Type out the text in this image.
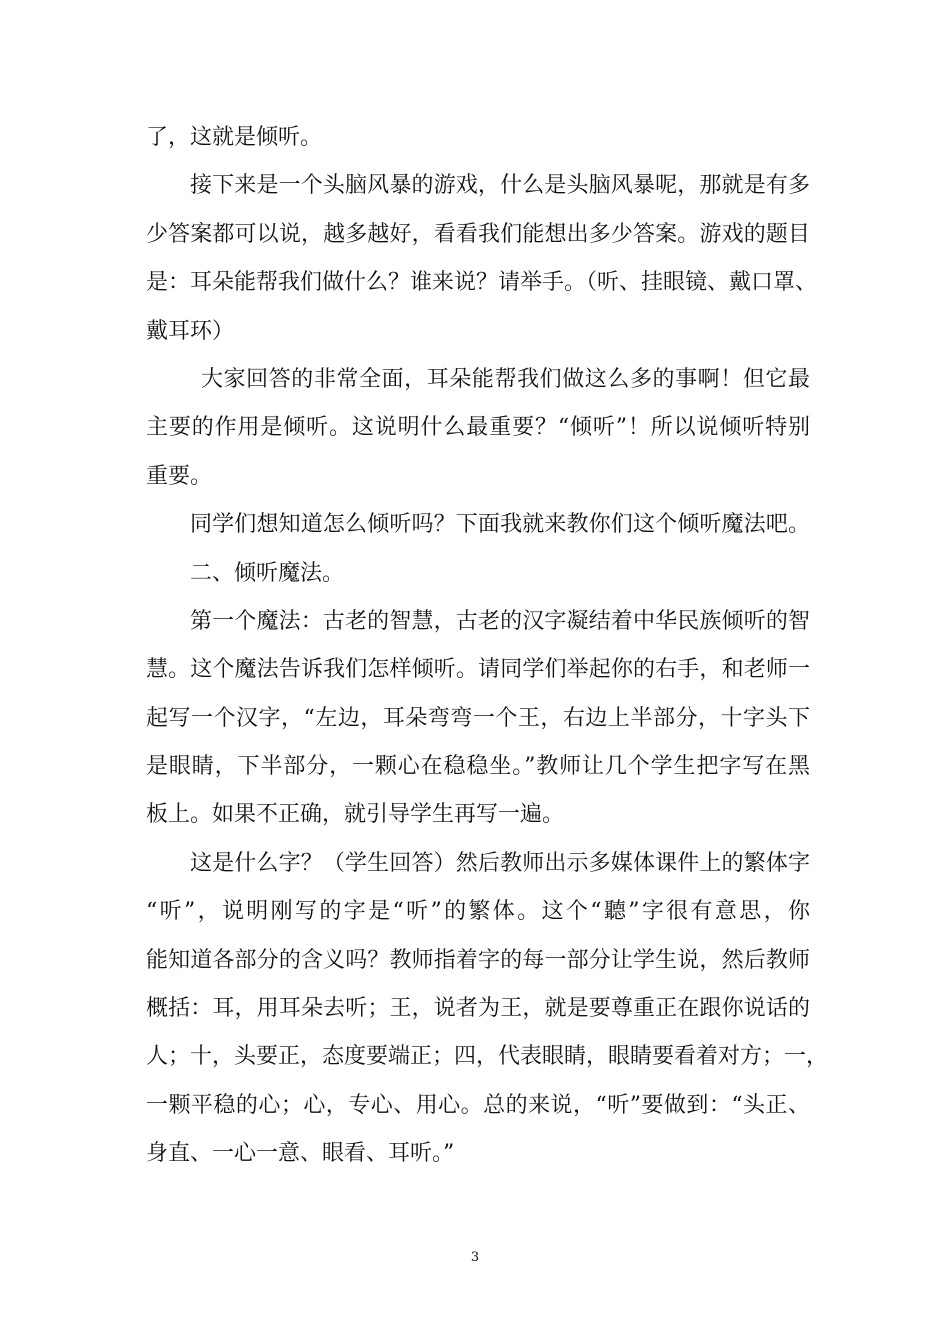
了，这就是倾听。
接下来是一个头脑风暴的游戏，什么是头脑风暴呢，那就是有多
少答案都可以说，越多越好，看看我们能想出多少答案。游戏的题目
是：耳朵能帮我们做什么？谁来说？请举手。（听、挂眼镜、戴口罩、
戴耳环）
大家回答的非常全面，耳朵能帮我们做这么多的事啊！但它最
主要的作用是倾听。这说明什么最重要？“倾听”！所以说倾听特别
重要。
同学们想知道怎么倾听吗？下面我就来教你们这个倾听魔法吧。
二、倾听魔法。
第一个魔法：古老的智慧，古老的汉字凝结着中华民族倾听的智
慧。这个魔法告诉我们怎样倾听。请同学们举起你的右手，和老师一
起写一个汉字，“左边，耳朵弯弯一个王，右边上半部分，十字头下
是眼睛，下半部分，一颗心在稳稳坐。”教师让几个学生把字写在黑
板上。如果不正确，就引导学生再写一遍。
这是什么字？（学生回答）然后教师出示多媒体课件上的繁体字
“听”，说明刚写的字是“听”的繁体。这个“聽”字很有意思，你
能知道各部分的含义吗？教师指着字的每一部分让学生说，然后教师
概括：耳，用耳朵去听；王，说者为王，就是要尊重正在跟你说话的
人；十，头要正，态度要端正；四，代表眼睛，眼睛要看着对方；一，
一颗平稳的心；心，专心、用心。总的来说，“听”要做到：“头正、
身直、一心一意、眼看、耳听。”
3
